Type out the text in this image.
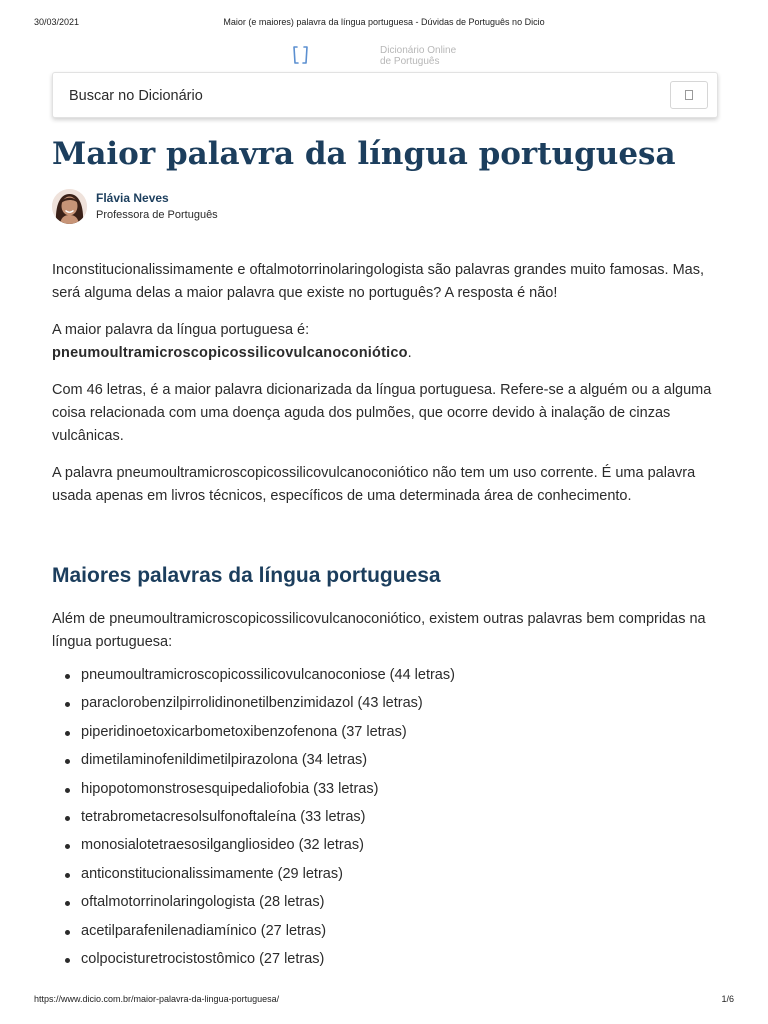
30/03/2021	Maior (e maiores) palavra da língua portuguesa - Dúvidas de Português no Dicio
Dicionário Online
de Português
Buscar no Dicionário
Maior palavra da língua portuguesa
Flávia Neves
Professora de Português

Inconstitucionalissimamente e oftalmotorrinolaringologista são palavras grandes muito famosas. Mas, será alguma delas a maior palavra que existe no português? A resposta é não!

A maior palavra da língua portuguesa é:
pneumoultramicroscopicossilicovulcanoconiótico.

Com 46 letras, é a maior palavra dicionarizada da língua portuguesa. Refere-se a alguém ou a alguma coisa relacionada com uma doença aguda dos pulmões, que ocorre devido à inalação de cinzas vulcânicas.

A palavra pneumoultramicroscopicossilicovulcanoconiótico não tem um uso corrente. É uma palavra usada apenas em livros técnicos, específicos de uma determinada área de conhecimento.

Maiores palavras da língua portuguesa

Além de pneumoultramicroscopicossilicovulcanoconiótico, existem outras palavras bem compridas na língua portuguesa:

pneumoultramicroscopicossilicovulcanoconiose (44 letras)
paraclorobenzilpirrolidinonetilbenzimidazol (43 letras)
piperidinoetoxicarbometoxibenzofenona (37 letras)
dimetilaminofenildimetilpirazolona (34 letras)
hipopotomonstrosesquipedaliofobia (33 letras)
tetrabrometacresolsulfonoftaleína (33 letras)
monosialotetraesosilgangliosideo (32 letras)
anticonstitucionalissimamente (29 letras)
oftalmotorrinolaringologista (28 letras)
acetilparafenilenadiamínico (27 letras)
colpocisturetrocistostômico (27 letras)
https://www.dicio.com.br/maior-palavra-da-lingua-portuguesa/	1/6
